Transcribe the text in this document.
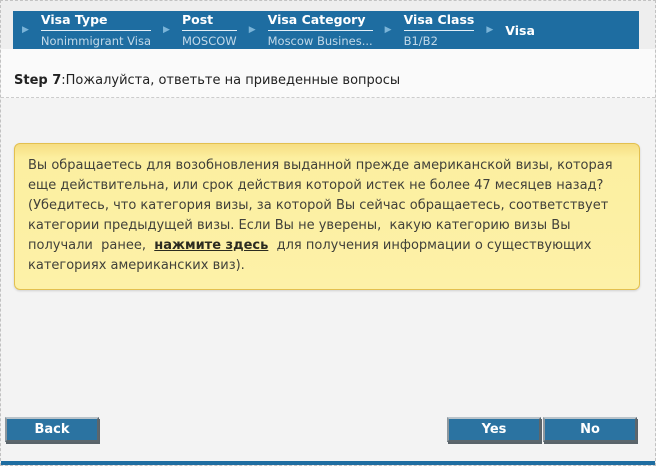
▶
Visa Type
Nonimmigrant Visa
▶
Post
MOSCOW
▶
Visa Category
Moscow Busines...
▶
Visa Class
B1/B2
▶ Visa
Step 7:Пожалуйста, ответьте на приведенные вопросы
Вы обращаетесь для возобновления выданной прежде американской визы, которая еще действительна, или срок действия которой истек не более 47 месяцев назад? (Убедитесь, что категория визы, за которой Вы сейчас обращаетесь, соответствует  категории предыдущей визы. Если Вы не уверены,  какую категорию визы Вы получали  ранее,  нажмите здесь  для получения информации о существующих категориях американских виз).
Back	Yes	No
